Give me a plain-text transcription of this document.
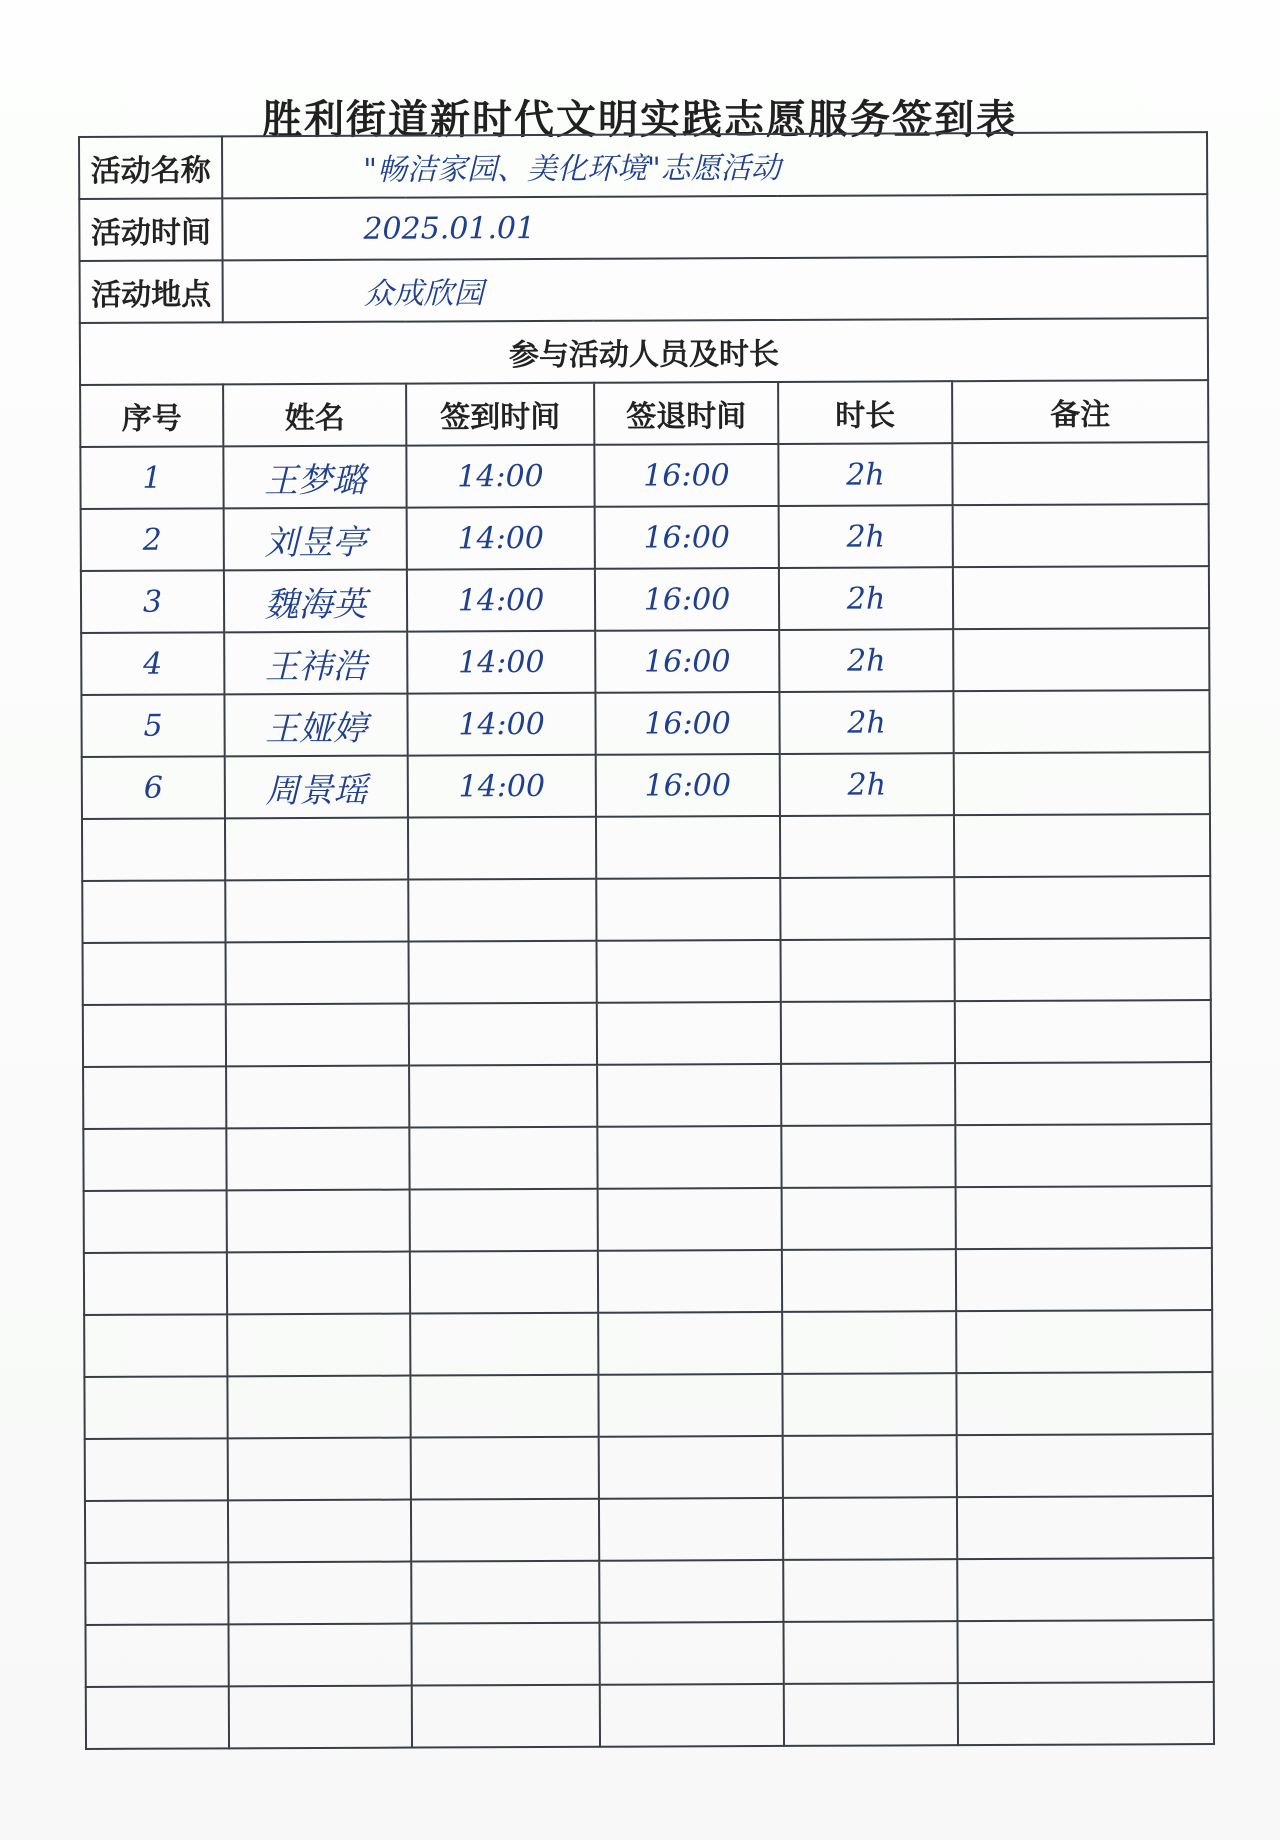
胜利街道新时代文明实践志愿服务签到表
活动名称	"畅洁家园、美化环境"志愿活动				
活动时间	2025.01.01				
活动地点	众成欣园				
参与活动人员及时长					
序号	姓名	签到时间	签退时间	时长	备注
1	王梦璐	14:00	16:00	2h	
2	刘昱亭	14:00	16:00	2h	
3	魏海英	14:00	16:00	2h	
4	王祎浩	14:00	16:00	2h	
5	王娅婷	14:00	16:00	2h	
6	周景瑶	14:00	16:00	2h	
